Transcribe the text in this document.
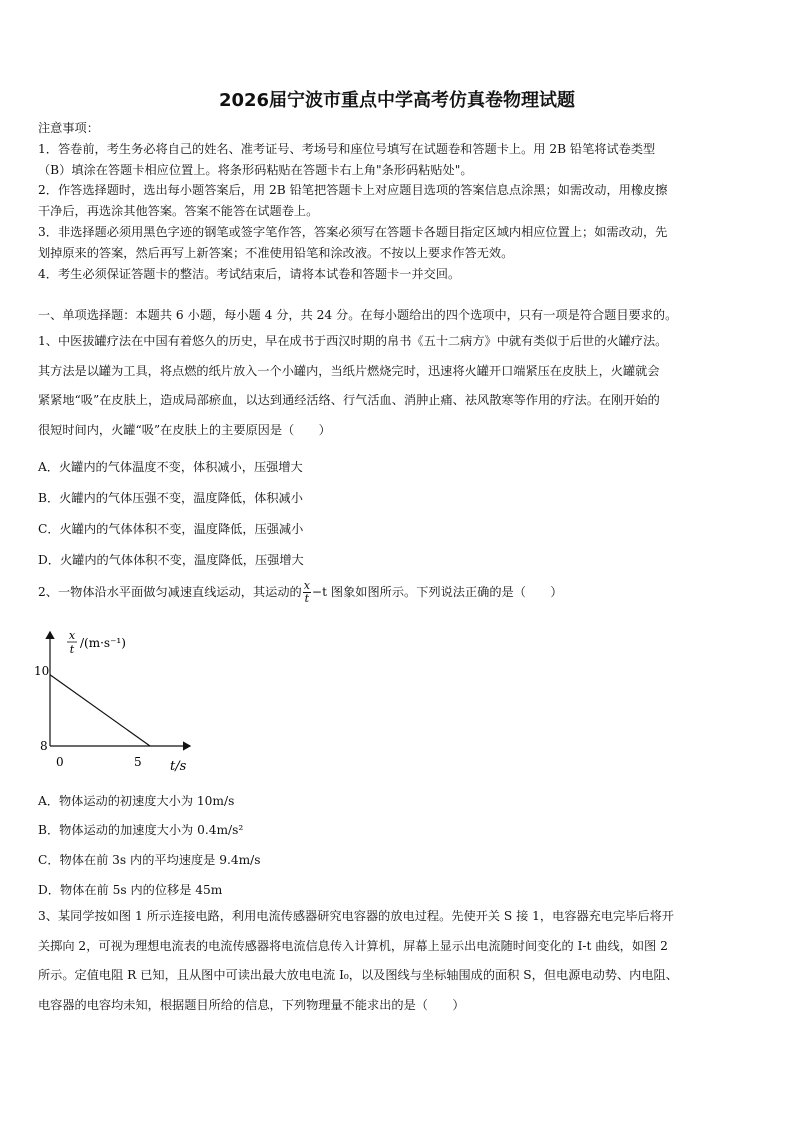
2026届宁波市重点中学高考仿真卷物理试题
注意事项：
1．答卷前，考生务必将自己的姓名、准考证号、考场号和座位号填写在试题卷和答题卡上。用 2B 铅笔将试卷类型
（B）填涂在答题卡相应位置上。将条形码粘贴在答题卡右上角"条形码粘贴处"。
2．作答选择题时，选出每小题答案后，用 2B 铅笔把答题卡上对应题目选项的答案信息点涂黑；如需改动，用橡皮擦
干净后，再选涂其他答案。答案不能答在试题卷上。
3．非选择题必须用黑色字迹的钢笔或签字笔作答，答案必须写在答题卡各题目指定区域内相应位置上；如需改动，先
划掉原来的答案，然后再写上新答案；不准使用铅笔和涂改液。不按以上要求作答无效。
4．考生必须保证答题卡的整洁。考试结束后，请将本试卷和答题卡一并交回。
一、单项选择题：本题共 6 小题，每小题 4 分，共 24 分。在每小题给出的四个选项中，只有一项是符合题目要求的。
1、中医拔罐疗法在中国有着悠久的历史，早在成书于西汉时期的帛书《五十二病方》中就有类似于后世的火罐疗法。
其方法是以罐为工具，将点燃的纸片放入一个小罐内，当纸片燃烧完时，迅速将火罐开口端紧压在皮肤上，火罐就会
紧紧地“吸”在皮肤上，造成局部瘀血，以达到通经活络、行气活血、消肿止痛、祛风散寒等作用的疗法。在刚开始的
很短时间内，火罐“吸”在皮肤上的主要原因是（　　）
A．火罐内的气体温度不变，体积减小，压强增大
B．火罐内的气体压强不变，温度降低，体积减小
C．火罐内的气体体积不变，温度降低，压强减小
D．火罐内的气体体积不变，温度降低，压强增大
2、一物体沿水平面做匀减速直线运动，其运动的 $\frac{x}{t} -t$ 图象如图所示。下列说法正确的是（　　）
x
t /(m·s⁻¹)
t/s
0
10
8
5
A．物体运动的初速度大小为 10m/s
B．物体运动的加速度大小为 0.4m/s²
C．物体在前 3s 内的平均速度是 9.4m/s
D．物体在前 5s 内的位移是 45m
3、某同学按如图 1 所示连接电路，利用电流传感器研究电容器的放电过程。先使开关 S 接 1，电容器充电完毕后将开
关掷向 2，可视为理想电流表的电流传感器将电流信息传入计算机，屏幕上显示出电流随时间变化的 I-t 曲线，如图 2
所示。定值电阻 R 已知，且从图中可读出最大放电电流 I₀，以及图线与坐标轴围成的面积 S，但电源电动势、内电阻、
电容器的电容均未知，根据题目所给的信息，下列物理量不能求出的是（　　）
